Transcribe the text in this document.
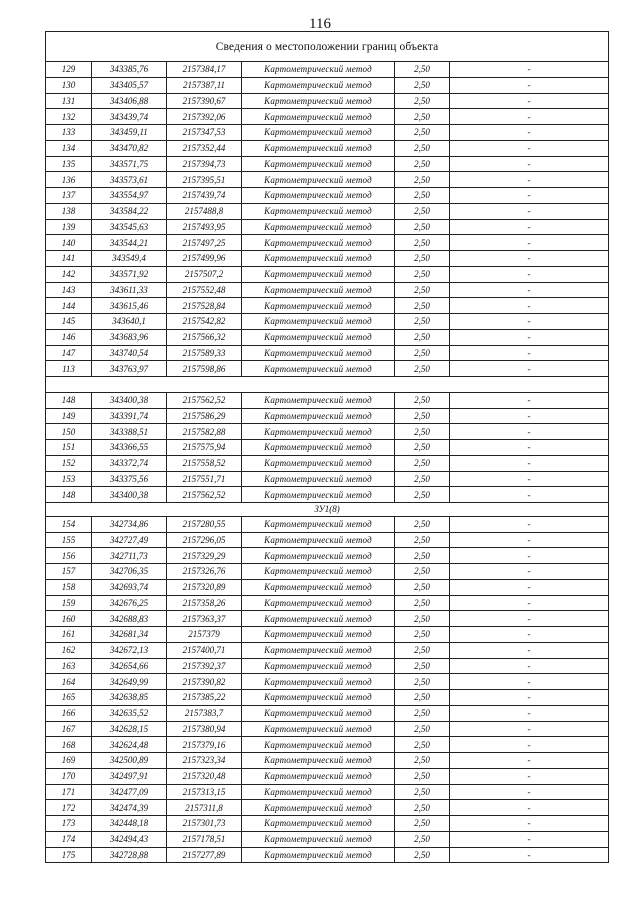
116
Сведения о местоположении границ объекта					
129	343385,76	2157384,17	Картометрический метод	2,50	-
130	343405,57	2157387,11	Картометрический метод	2,50	-
131	343406,88	2157390,67	Картометрический метод	2,50	-
132	343439,74	2157392,06	Картометрический метод	2,50	-
133	343459,11	2157347,53	Картометрический метод	2,50	-
134	343470,82	2157352,44	Картометрический метод	2,50	-
135	343571,75	2157394,73	Картометрический метод	2,50	-
136	343573,61	2157395,51	Картометрический метод	2,50	-
137	343554,97	2157439,74	Картометрический метод	2,50	-
138	343584,22	2157488,8	Картометрический метод	2,50	-
139	343545,63	2157493,95	Картометрический метод	2,50	-
140	343544,21	2157497,25	Картометрический метод	2,50	-
141	343549,4	2157499,96	Картометрический метод	2,50	-
142	343571,92	2157507,2	Картометрический метод	2,50	-
143	343611,33	2157552,48	Картометрический метод	2,50	-
144	343615,46	2157528,84	Картометрический метод	2,50	-
145	343640,1	2157542,82	Картометрический метод	2,50	-
146	343683,96	2157566,32	Картометрический метод	2,50	-
147	343740,54	2157589,33	Картометрический метод	2,50	-
113	343763,97	2157598,86	Картометрический метод	2,50	-

148	343400,38	2157562,52	Картометрический метод	2,50	-
149	343391,74	2157586,29	Картометрический метод	2,50	-
150	343388,51	2157582,88	Картометрический метод	2,50	-
151	343366,55	2157575,94	Картометрический метод	2,50	-
152	343372,74	2157558,52	Картометрический метод	2,50	-
153	343375,56	2157551,71	Картометрический метод	2,50	-
148	343400,38	2157562,52	Картометрический метод	2,50	-
ЗУ1(8)					
154	342734,86	2157280,55	Картометрический метод	2,50	-
155	342727,49	2157296,05	Картометрический метод	2,50	-
156	342711,73	2157329,29	Картометрический метод	2,50	-
157	342706,35	2157326,76	Картометрический метод	2,50	-
158	342693,74	2157320,89	Картометрический метод	2,50	-
159	342676,25	2157358,26	Картометрический метод	2,50	-
160	342688,83	2157363,37	Картометрический метод	2,50	-
161	342681,34	2157379	Картометрический метод	2,50	-
162	342672,13	2157400,71	Картометрический метод	2,50	-
163	342654,66	2157392,37	Картометрический метод	2,50	-
164	342649,99	2157390,82	Картометрический метод	2,50	-
165	342638,85	2157385,22	Картометрический метод	2,50	-
166	342635,52	2157383,7	Картометрический метод	2,50	-
167	342628,15	2157380,94	Картометрический метод	2,50	-
168	342624,48	2157379,16	Картометрический метод	2,50	-
169	342500,89	2157323,34	Картометрический метод	2,50	-
170	342497,91	2157320,48	Картометрический метод	2,50	-
171	342477,09	2157313,15	Картометрический метод	2,50	-
172	342474,39	2157311,8	Картометрический метод	2,50	-
173	342448,18	2157301,73	Картометрический метод	2,50	-
174	342494,43	2157178,51	Картометрический метод	2,50	-
175	342728,88	2157277,89	Картометрический метод	2,50	-
